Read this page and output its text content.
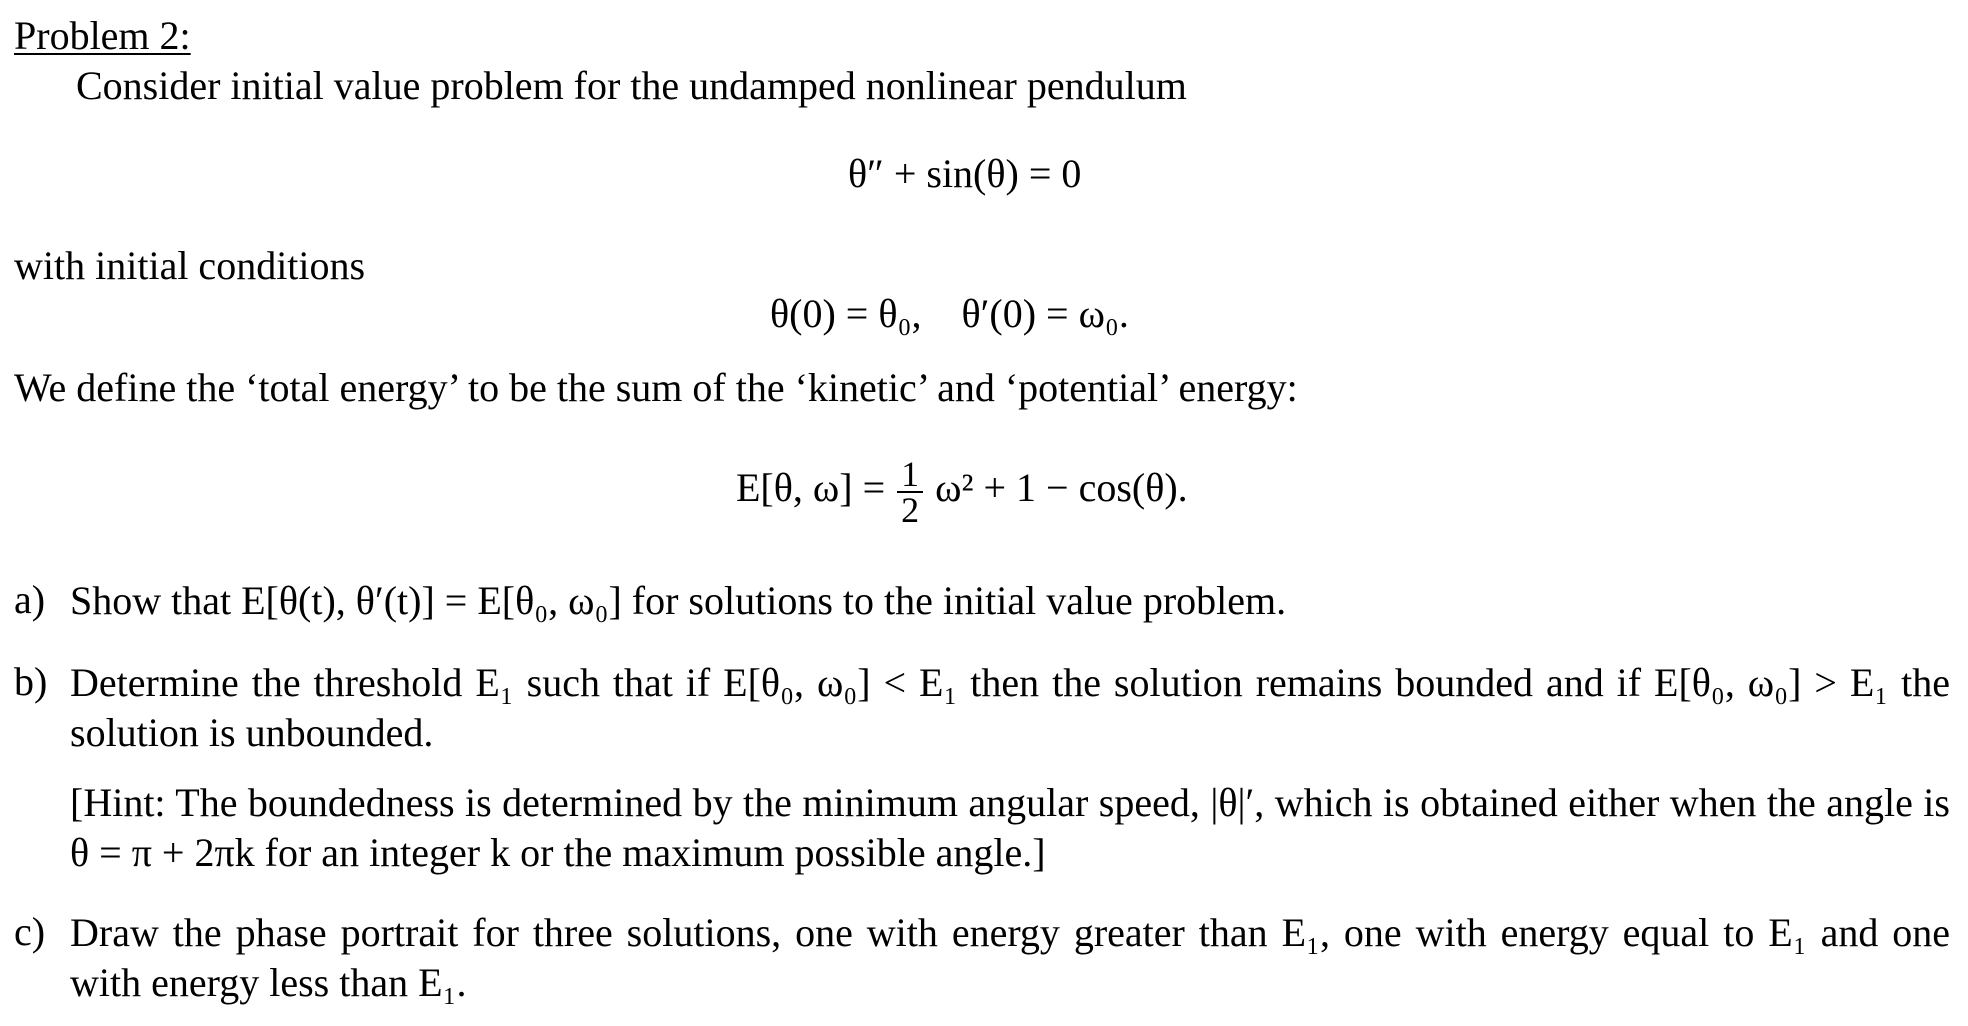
Problem 2:
Consider initial value problem for the undamped nonlinear pendulum
θ″ + sin(θ) = 0
with initial conditions
θ(0) = θ₀,    θ′(0) = ω₀.
We define the ‘total energy’ to be the sum of the ‘kinetic’ and ‘potential’ energy:
E[θ, $\omega] = \frac{1}{2} \omega^2 + 1 - \cos(\theta)$.
a) Show that E[θ(t), θ′(t)] = E[θ₀, ω₀] for solutions to the initial value problem.
b) Determine the threshold E₁ such that if E[θ₀, ω₀] < E₁ then the solution remains bounded and if E[θ₀, ω₀] > E₁ the solution is unbounded.
[Hint: The boundedness is determined by the minimum angular speed, |θ|′, which is obtained either when the angle is θ = π + 2πk for an integer k or the maximum possible angle.]
c) Draw the phase portrait for three solutions, one with energy greater than E₁, one with energy equal to E₁ and one with energy less than E₁.
